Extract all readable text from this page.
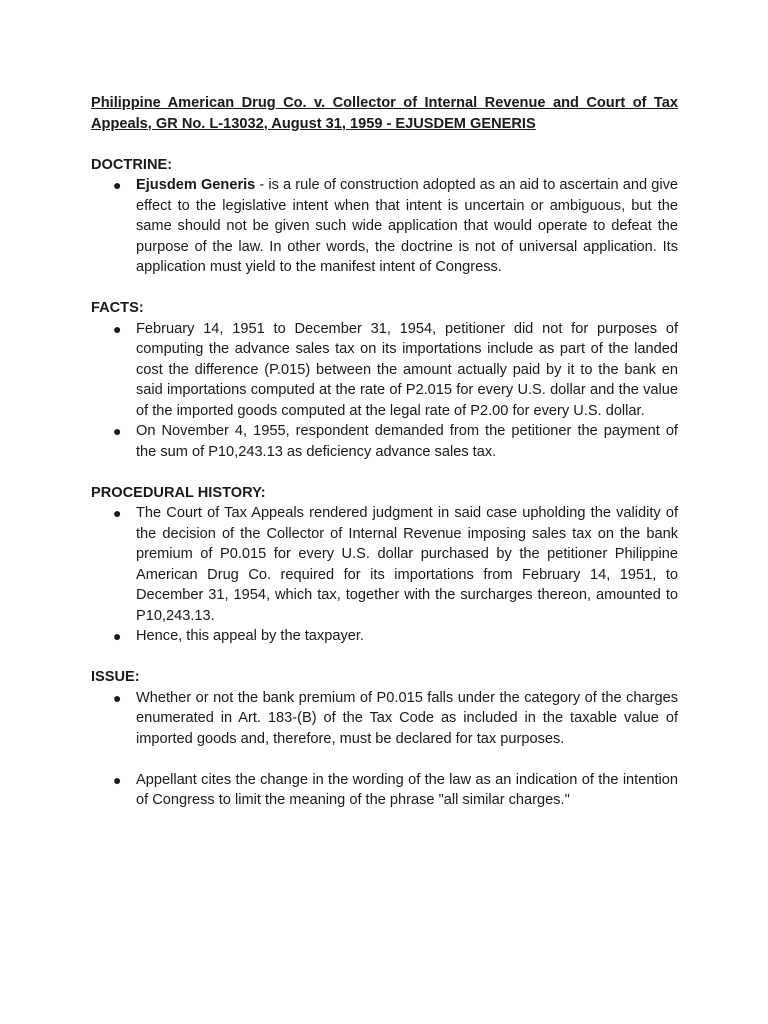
Philippine American Drug Co. v. Collector of Internal Revenue and Court of Tax Appeals, GR No. L-13032, August 31, 1959 - EJUSDEM GENERIS

DOCTRINE:

● Ejusdem Generis - is a rule of construction adopted as an aid to ascertain and give effect to the legislative intent when that intent is uncertain or ambiguous, but the same should not be given such wide application that would operate to defeat the purpose of the law. In other words, the doctrine is not of universal application. Its application must yield to the manifest intent of Congress.

FACTS:

● February 14, 1951 to December 31, 1954, petitioner did not for purposes of computing the advance sales tax on its importations include as part of the landed cost the difference (P.015) between the amount actually paid by it to the bank en said importations computed at the rate of P2.015 for every U.S. dollar and the value of the imported goods computed at the legal rate of P2.00 for every U.S. dollar.
● On November 4, 1955, respondent demanded from the petitioner the payment of the sum of P10,243.13 as deficiency advance sales tax.

PROCEDURAL HISTORY:

● The Court of Tax Appeals rendered judgment in said case upholding the validity of the decision of the Collector of Internal Revenue imposing sales tax on the bank premium of P0.015 for every U.S. dollar purchased by the petitioner Philippine American Drug Co. required for its importations from February 14, 1951, to December 31, 1954, which tax, together with the surcharges thereon, amounted to P10,243.13.
● Hence, this appeal by the taxpayer.

ISSUE:

● Whether or not the bank premium of P0.015 falls under the category of the charges enumerated in Art. 183-(B) of the Tax Code as included in the taxable value of imported goods and, therefore, must be declared for tax purposes.
● Appellant cites the change in the wording of the law as an indication of the intention of Congress to limit the meaning of the phrase "all similar charges."
